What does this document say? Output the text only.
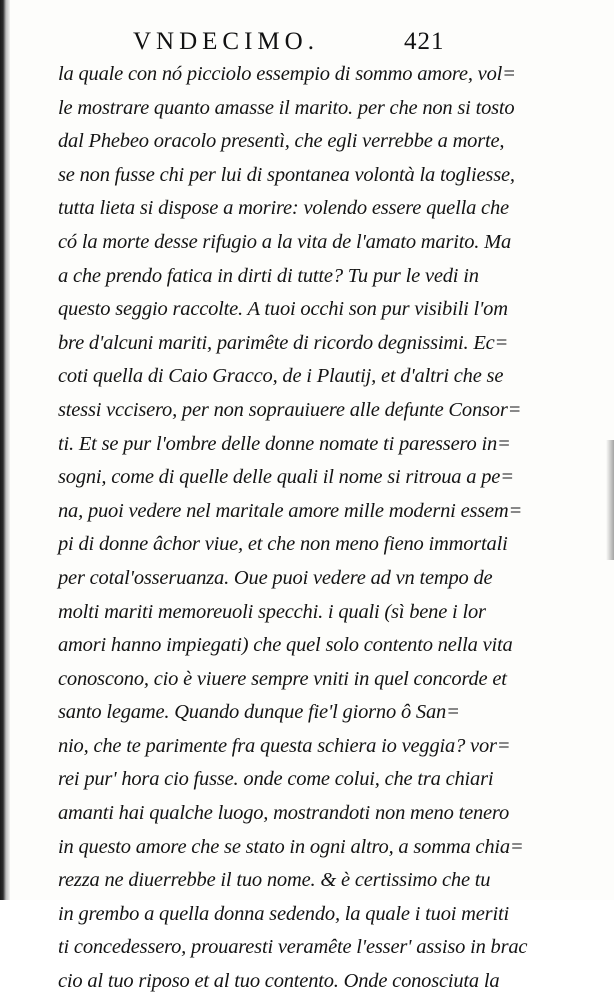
VNDECIMO.	421
la quale con nó picciolo essempio di sommo amore, vol=
le mostrare quanto amasse il marito. per che non si tosto
dal Phebeo oracolo presentì, che egli verrebbe a morte,
se non fusse chi per lui di spontanea volontà la togliesse,
tutta lieta si dispose a morire: volendo essere quella che
có la morte desse rifugio a la vita de l'amato marito. Ma
a che prendo fatica in dirti di tutte? Tu pur le vedi in
questo seggio raccolte. A tuoi occhi son pur visibili l'om
bre d'alcuni mariti, parimête di ricordo degnissimi. Ec=
coti quella di Caio Gracco, de i Plautij, et d'altri che se
stessi vccisero, per non soprauiuere alle defunte Consor=
ti. Et se pur l'ombre delle donne nomate ti paressero in=
sogni, come di quelle delle quali il nome si ritroua a pe=
na, puoi vedere nel maritale amore mille moderni essem=
pi di donne âchor viue, et che non meno fieno immortali
per cotal'osseruanza. Oue puoi vedere ad vn tempo de
molti mariti memoreuoli specchi. i quali (sì bene i lor
amori hanno impiegati) che quel solo contento nella vita
conoscono, cio è viuere sempre vniti in quel concorde et
santo legame. Quando dunque fie'l giorno ô San=
nio, che te parimente fra questa schiera io veggia? vor=
rei pur' hora cio fusse. onde come colui, che tra chiari
amanti hai qualche luogo, mostrandoti non meno tenero
in questo amore che se stato in ogni altro, a somma chia=
rezza ne diuerrebbe il tuo nome. & è certissimo che tu
in grembo a quella donna sedendo, la quale i tuoi meriti
ti concedessero, prouaresti veramête l'esser' assiso in brac
cio al tuo riposo et al tuo contento. Onde conosciuta la
